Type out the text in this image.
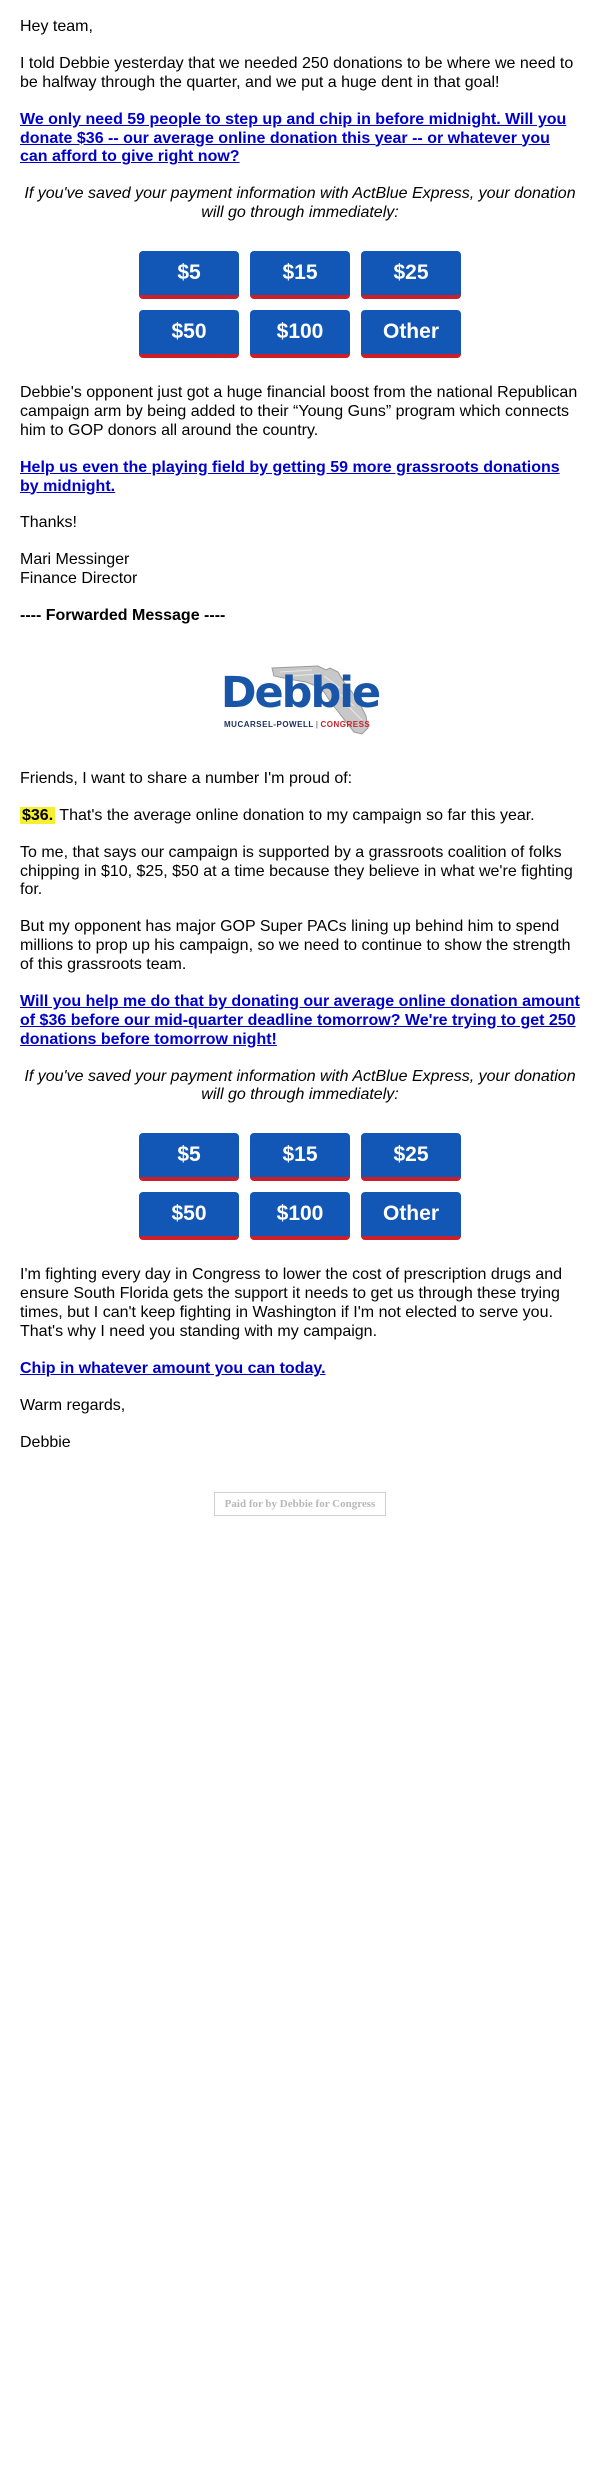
Hey team,

I told Debbie yesterday that we needed 250 donations to be where we need to be halfway through the quarter, and we put a huge dent in that goal!

We only need 59 people to step up and chip in before midnight. Will you donate $36 -- our average online donation this year -- or whatever you can afford to give right now?

If you've saved your payment information with ActBlue Express, your donation will go through immediately:

$5	$15	$25
$50	$100	Other

Debbie's opponent just got a huge financial boost from the national Republican campaign arm by being added to their “Young Guns” program which connects him to GOP donors all around the country.

Help us even the playing field by getting 59 more grassroots donations by midnight.

Thanks!

Mari Messinger
Finance Director

---- Forwarded Message ----

Debbie
MUCARSEL-POWELL | CONGRESS

Friends, I want to share a number I'm proud of:

$36. That's the average online donation to my campaign so far this year.

To me, that says our campaign is supported by a grassroots coalition of folks chipping in $10, $25, $50 at a time because they believe in what we're fighting for.

But my opponent has major GOP Super PACs lining up behind him to spend millions to prop up his campaign, so we need to continue to show the strength of this grassroots team.

Will you help me do that by donating our average online donation amount of $36 before our mid-quarter deadline tomorrow? We're trying to get 250 donations before tomorrow night!

If you've saved your payment information with ActBlue Express, your donation will go through immediately:

$5	$15	$25
$50	$100	Other

I'm fighting every day in Congress to lower the cost of prescription drugs and ensure South Florida gets the support it needs to get us through these trying times, but I can't keep fighting in Washington if I'm not elected to serve you. That's why I need you standing with my campaign.

Chip in whatever amount you can today.

Warm regards,

Debbie

Paid for by Debbie for Congress
